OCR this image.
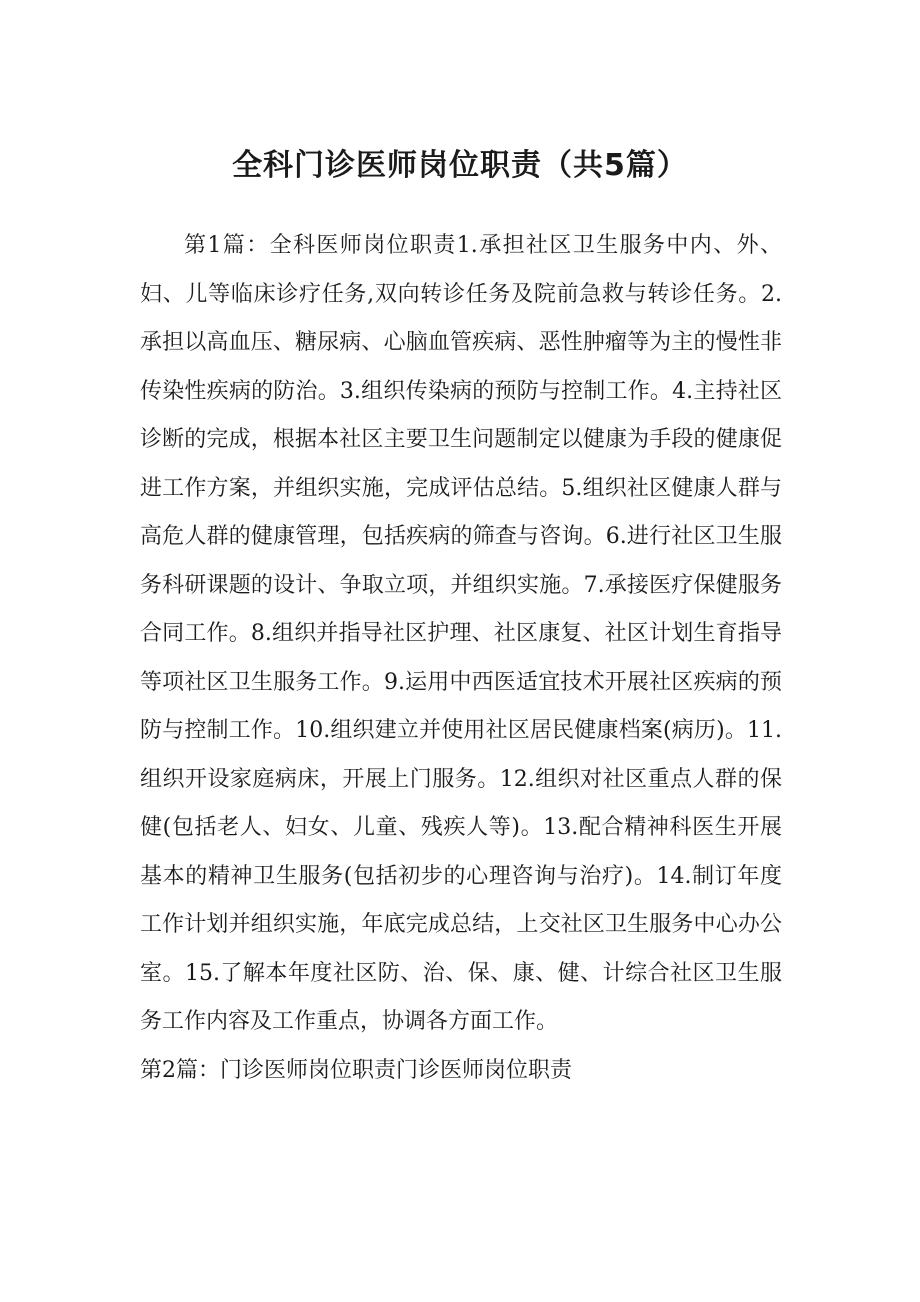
全科门诊医师岗位职责（共5篇）

第1篇：全科医师岗位职责1.承担社区卫生服务中内、外、妇、儿等临床诊疗任务,双向转诊任务及院前急救与转诊任务。2.承担以高血压、糖尿病、心脑血管疾病、恶性肿瘤等为主的慢性非传染性疾病的防治。3.组织传染病的预防与控制工作。4.主持社区诊断的完成，根据本社区主要卫生问题制定以健康为手段的健康促进工作方案，并组织实施，完成评估总结。5.组织社区健康人群与高危人群的健康管理，包括疾病的筛查与咨询。6.进行社区卫生服务科研课题的设计、争取立项，并组织实施。7.承接医疗保健服务合同工作。8.组织并指导社区护理、社区康复、社区计划生育指导等项社区卫生服务工作。9.运用中西医适宜技术开展社区疾病的预防与控制工作。10.组织建立并使用社区居民健康档案(病历)。11.组织开设家庭病床，开展上门服务。12.组织对社区重点人群的保健(包括老人、妇女、儿童、残疾人等)。13.配合精神科医生开展基本的精神卫生服务(包括初步的心理咨询与治疗)。14.制订年度工作计划并组织实施，年底完成总结，上交社区卫生服务中心办公室。15.了解本年度社区防、治、保、康、健、计综合社区卫生服务工作内容及工作重点，协调各方面工作。

第2篇：门诊医师岗位职责门诊医师岗位职责
